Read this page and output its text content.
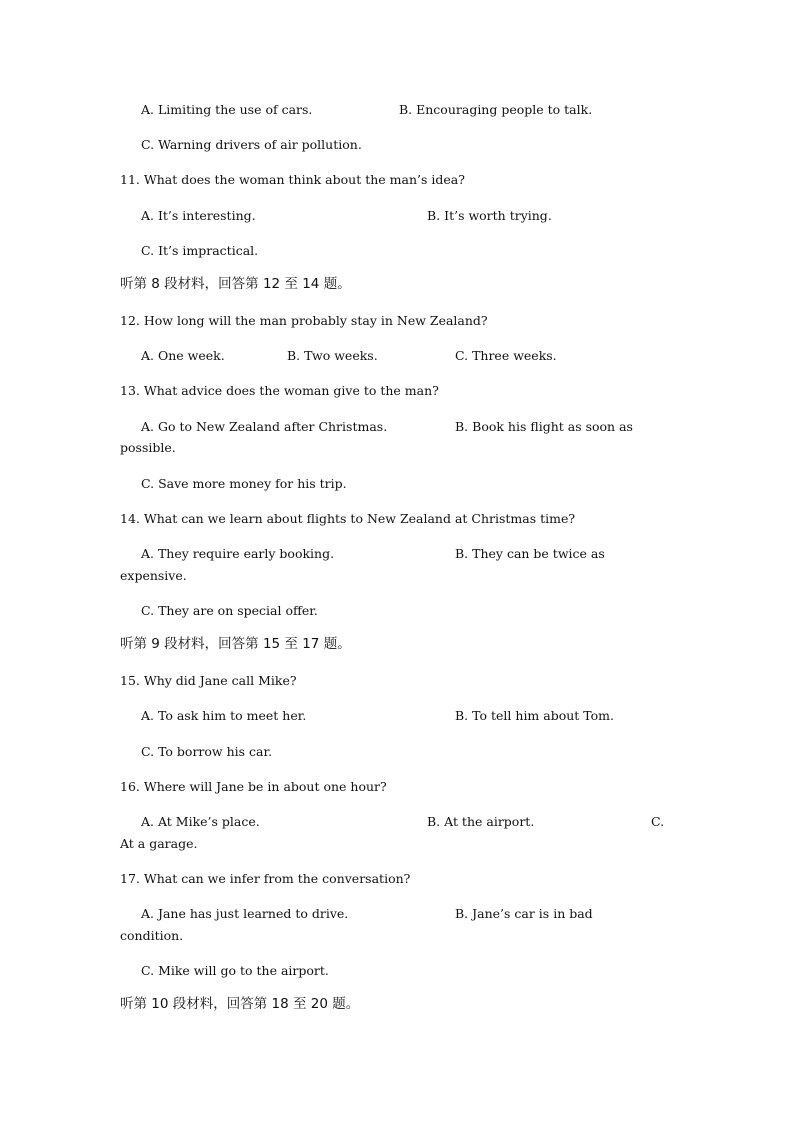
A. Limiting the use of cars.	B. Encouraging people to talk.
C. Warning drivers of air pollution.
11. What does the woman think about the man’s idea?
A. It’s interesting.	B. It’s worth trying.
C. It’s impractical.
听第 8 段材料，回答第 12 至 14 题。
12. How long will the man probably stay in New Zealand?
A. One week.	B. Two weeks.	C. Three weeks.
13. What advice does the woman give to the man?
A. Go to New Zealand after Christmas.	B. Book his flight as soon as
possible.
C. Save more money for his trip.
14. What can we learn about flights to New Zealand at Christmas time?
A. They require early booking.	B. They can be twice as
expensive.
C. They are on special offer.
听第 9 段材料，回答第 15 至 17 题。
15. Why did Jane call Mike?
A. To ask him to meet her.	B. To tell him about Tom.
C. To borrow his car.
16. Where will Jane be in about one hour?
A. At Mike’s place.	B. At the airport.	C.
At a garage.
17. What can we infer from the conversation?
A. Jane has just learned to drive.	B. Jane’s car is in bad
condition.
C. Mike will go to the airport.
听第 10 段材料，回答第 18 至 20 题。
